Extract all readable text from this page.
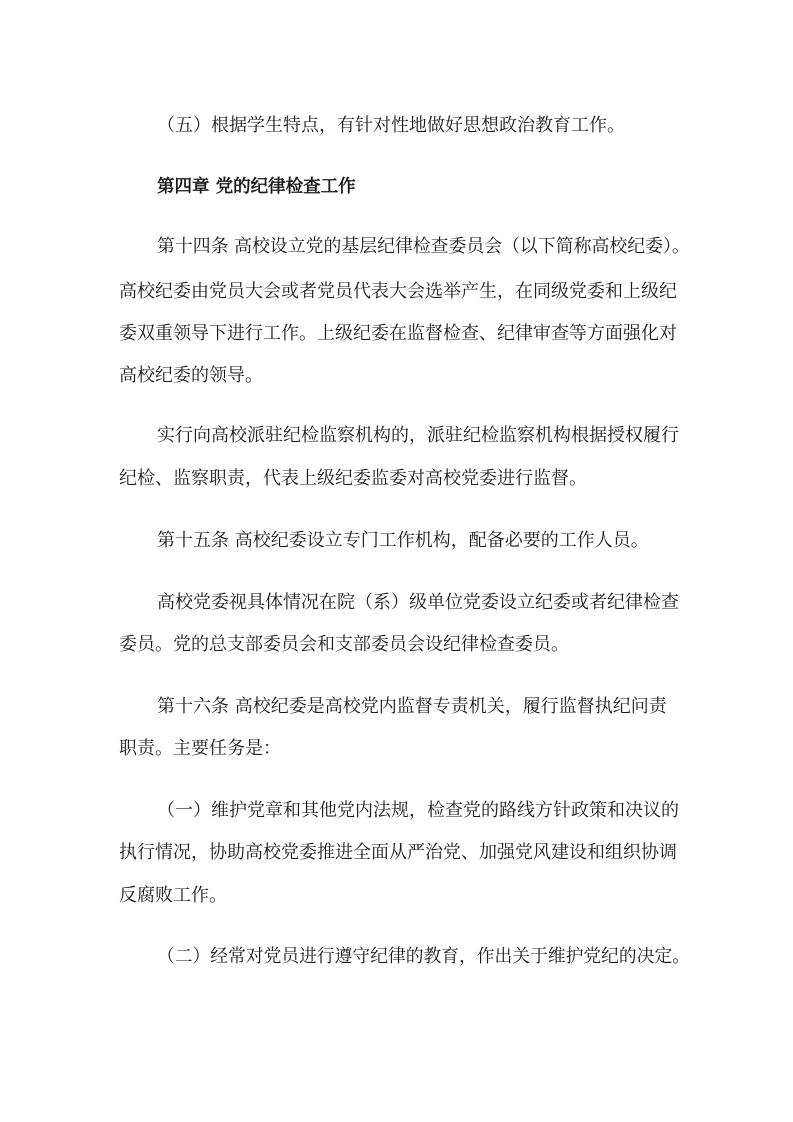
（五）根据学生特点，有针对性地做好思想政治教育工作。
第四章 党的纪律检查工作
第十四条 高校设立党的基层纪律检查委员会（以下简称高校纪委）。
高校纪委由党员大会或者党员代表大会选举产生，在同级党委和上级纪
委双重领导下进行工作。上级纪委在监督检查、纪律审查等方面强化对
高校纪委的领导。
实行向高校派驻纪检监察机构的，派驻纪检监察机构根据授权履行
纪检、监察职责，代表上级纪委监委对高校党委进行监督。
第十五条 高校纪委设立专门工作机构，配备必要的工作人员。
高校党委视具体情况在院（系）级单位党委设立纪委或者纪律检查
委员。党的总支部委员会和支部委员会设纪律检查委员。
第十六条 高校纪委是高校党内监督专责机关，履行监督执纪问责
职责。主要任务是：
（一）维护党章和其他党内法规，检查党的路线方针政策和决议的
执行情况，协助高校党委推进全面从严治党、加强党风建设和组织协调
反腐败工作。
（二）经常对党员进行遵守纪律的教育，作出关于维护党纪的决定。
